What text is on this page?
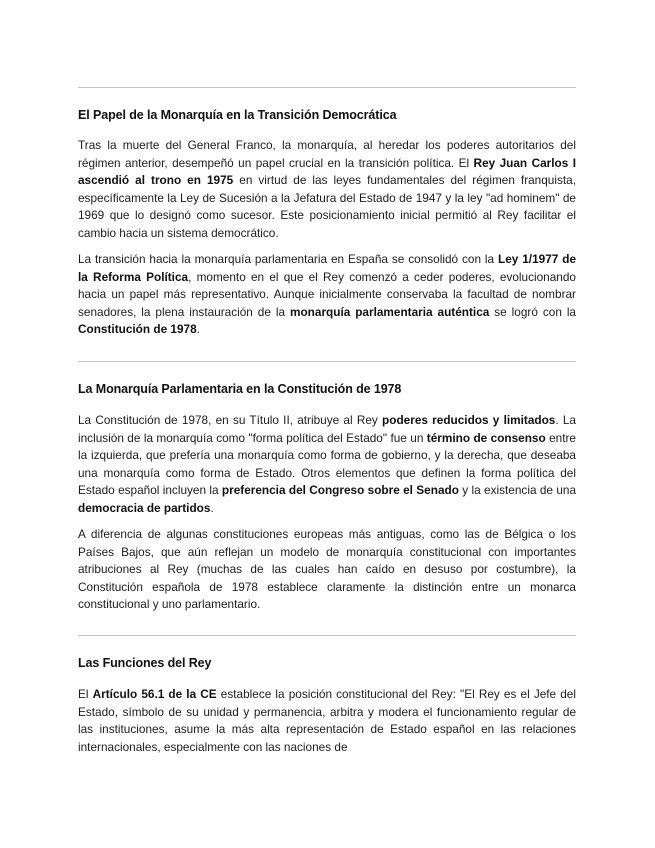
El Papel de la Monarquía en la Transición Democrática

Tras la muerte del General Franco, la monarquía, al heredar los poderes autoritarios del régimen anterior, desempeñó un papel crucial en la transición política. El Rey Juan Carlos I ascendió al trono en 1975 en virtud de las leyes fundamentales del régimen franquista, específicamente la Ley de Sucesión a la Jefatura del Estado de 1947 y la ley "ad hominem" de 1969 que lo designó como sucesor. Este posicionamiento inicial permitió al Rey facilitar el cambio hacia un sistema democrático.

La transición hacia la monarquía parlamentaria en España se consolidó con la Ley 1/1977 de la Reforma Política, momento en el que el Rey comenzó a ceder poderes, evolucionando hacia un papel más representativo. Aunque inicialmente conservaba la facultad de nombrar senadores, la plena instauración de la monarquía parlamentaria auténtica se logró con la Constitución de 1978.

La Monarquía Parlamentaria en la Constitución de 1978

La Constitución de 1978, en su Título II, atribuye al Rey poderes reducidos y limitados. La inclusión de la monarquía como "forma política del Estado" fue un término de consenso entre la izquierda, que prefería una monarquía como forma de gobierno, y la derecha, que deseaba una monarquía como forma de Estado. Otros elementos que definen la forma política del Estado español incluyen la preferencia del Congreso sobre el Senado y la existencia de una democracia de partidos.

A diferencia de algunas constituciones europeas más antiguas, como las de Bélgica o los Países Bajos, que aún reflejan un modelo de monarquía constitucional con importantes atribuciones al Rey (muchas de las cuales han caído en desuso por costumbre), la Constitución española de 1978 establece claramente la distinción entre un monarca constitucional y uno parlamentario.

Las Funciones del Rey

El Artículo 56.1 de la CE establece la posición constitucional del Rey: "El Rey es el Jefe del Estado, símbolo de su unidad y permanencia, arbitra y modera el funcionamiento regular de las instituciones, asume la más alta representación de Estado español en las relaciones internacionales, especialmente con las naciones de
